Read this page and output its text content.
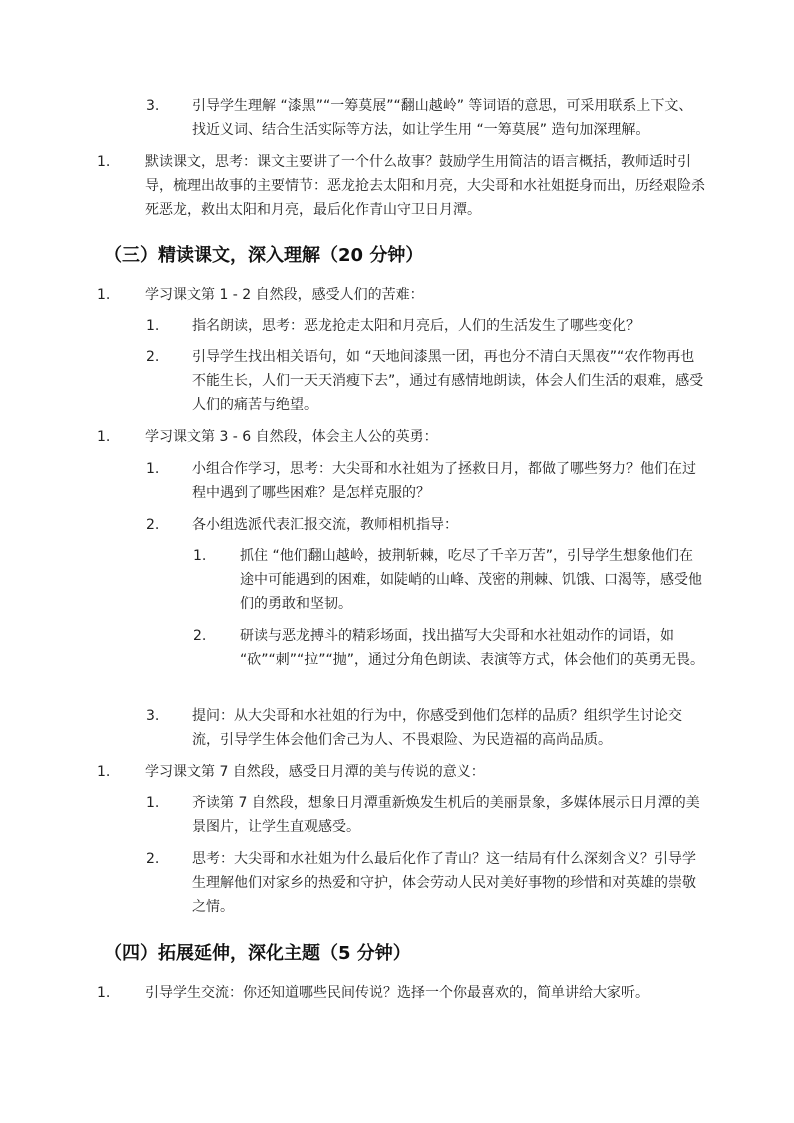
3. 引导学生理解 “漆黑”“一筹莫展”“翻山越岭” 等词语的意思，可采用联系上下文、找近义词、结合生活实际等方法，如让学生用 “一筹莫展” 造句加深理解。
1. 默读课文，思考：课文主要讲了一个什么故事？鼓励学生用简洁的语言概括，教师适时引导，梳理出故事的主要情节：恶龙抢去太阳和月亮，大尖哥和水社姐挺身而出，历经艰险杀死恶龙，救出太阳和月亮，最后化作青山守卫日月潭。
（三）精读课文，深入理解（20 分钟）
1. 学习课文第 1 - 2 自然段，感受人们的苦难：
1. 指名朗读，思考：恶龙抢走太阳和月亮后，人们的生活发生了哪些变化？
2. 引导学生找出相关语句，如 “天地间漆黑一团，再也分不清白天黑夜”“农作物再也不能生长，人们一天天消瘦下去”，通过有感情地朗读，体会人们生活的艰难，感受人们的痛苦与绝望。
1. 学习课文第 3 - 6 自然段，体会主人公的英勇：
1. 小组合作学习，思考：大尖哥和水社姐为了拯救日月，都做了哪些努力？他们在过程中遇到了哪些困难？是怎样克服的？
2. 各小组选派代表汇报交流，教师相机指导：
1. 抓住 “他们翻山越岭，披荆斩棘，吃尽了千辛万苦”，引导学生想象他们在途中可能遇到的困难，如陡峭的山峰、茂密的荆棘、饥饿、口渴等，感受他们的勇敢和坚韧。
2. 研读与恶龙搏斗的精彩场面，找出描写大尖哥和水社姐动作的词语，如 “砍”“刺”“拉”“抛”，通过分角色朗读、表演等方式，体会他们的英勇无畏。
3. 提问：从大尖哥和水社姐的行为中，你感受到他们怎样的品质？组织学生讨论交流，引导学生体会他们舍己为人、不畏艰险、为民造福的高尚品质。
1. 学习课文第 7 自然段，感受日月潭的美与传说的意义：
1. 齐读第 7 自然段，想象日月潭重新焕发生机后的美丽景象，多媒体展示日月潭的美景图片，让学生直观感受。
2. 思考：大尖哥和水社姐为什么最后化作了青山？这一结局有什么深刻含义？引导学生理解他们对家乡的热爱和守护，体会劳动人民对美好事物的珍惜和对英雄的崇敬之情。
（四）拓展延伸，深化主题（5 分钟）
1. 引导学生交流：你还知道哪些民间传说？选择一个你最喜欢的，简单讲给大家听。
